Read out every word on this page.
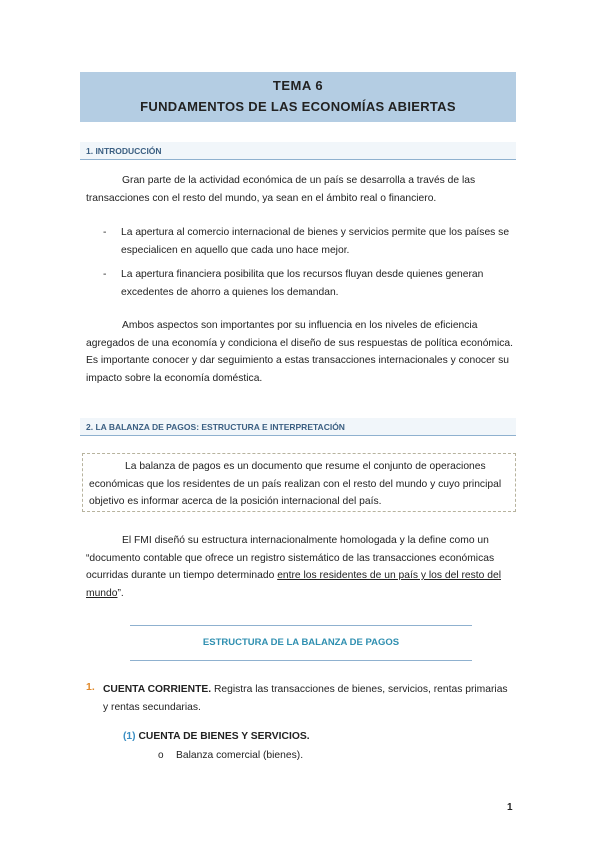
TEMA 6
FUNDAMENTOS DE LAS ECONOMÍAS ABIERTAS
1. INTRODUCCIÓN
Gran parte de la actividad económica de un país se desarrolla a través de las transacciones con el resto del mundo, ya sean en el ámbito real o financiero.
- La apertura al comercio internacional de bienes y servicios permite que los países se especialicen en aquello que cada uno hace mejor.
- La apertura financiera posibilita que los recursos fluyan desde quienes generan excedentes de ahorro a quienes los demandan.
Ambos aspectos son importantes por su influencia en los niveles de eficiencia agregados de una economía y condiciona el diseño de sus respuestas de política económica. Es importante conocer y dar seguimiento a estas transacciones internacionales y conocer su impacto sobre la economía doméstica.
2. LA BALANZA DE PAGOS: ESTRUCTURA E INTERPRETACIÓN
La balanza de pagos es un documento que resume el conjunto de operaciones económicas que los residentes de un país realizan con el resto del mundo y cuyo principal objetivo es informar acerca de la posición internacional del país.
El FMI diseñó su estructura internacionalmente homologada y la define como un “documento contable que ofrece un registro sistemático de las transacciones económicas ocurridas durante un tiempo determinado entre los residentes de un país y los del resto del mundo”.
ESTRUCTURA DE LA BALANZA DE PAGOS
1. CUENTA CORRIENTE. Registra las transacciones de bienes, servicios, rentas primarias y rentas secundarias.
(1) CUENTA DE BIENES Y SERVICIOS.
o Balanza comercial (bienes).
1
